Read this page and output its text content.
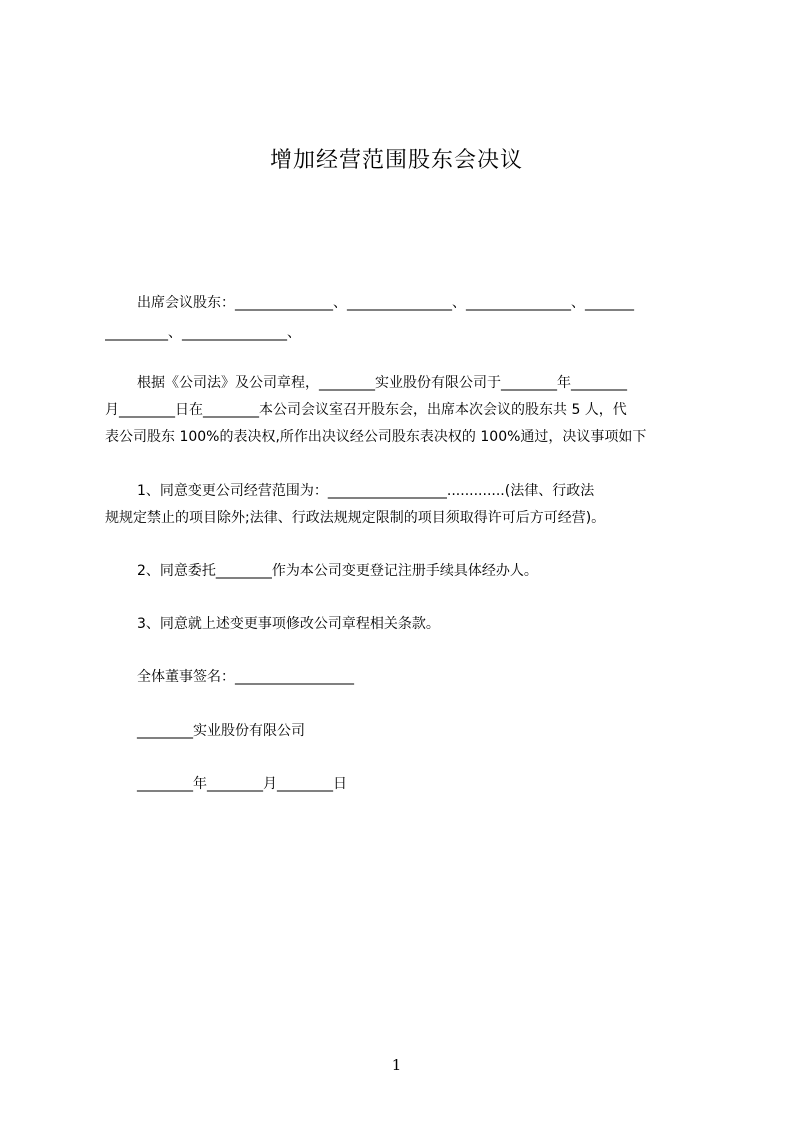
增加经营范围股东会决议
出席会议股东：______________、_______________、_______________、_______
_________、_______________、
根据《公司法》及公司章程，________实业股份有限公司于________年________
月________日在________本公司会议室召开股东会，出席本次会议的股东共 5 人，代
表公司股东 100%的表决权,所作出决议经公司股东表决权的 100%通过，决议事项如下
1、同意变更公司经营范围为：_________________.............(法律、行政法
规规定禁止的项目除外;法律、行政法规规定限制的项目须取得许可后方可经营)。
2、同意委托________作为本公司变更登记注册手续具体经办人。
3、同意就上述变更事项修改公司章程相关条款。
全体董事签名：_________________
________实业股份有限公司
________年________月________日
1
